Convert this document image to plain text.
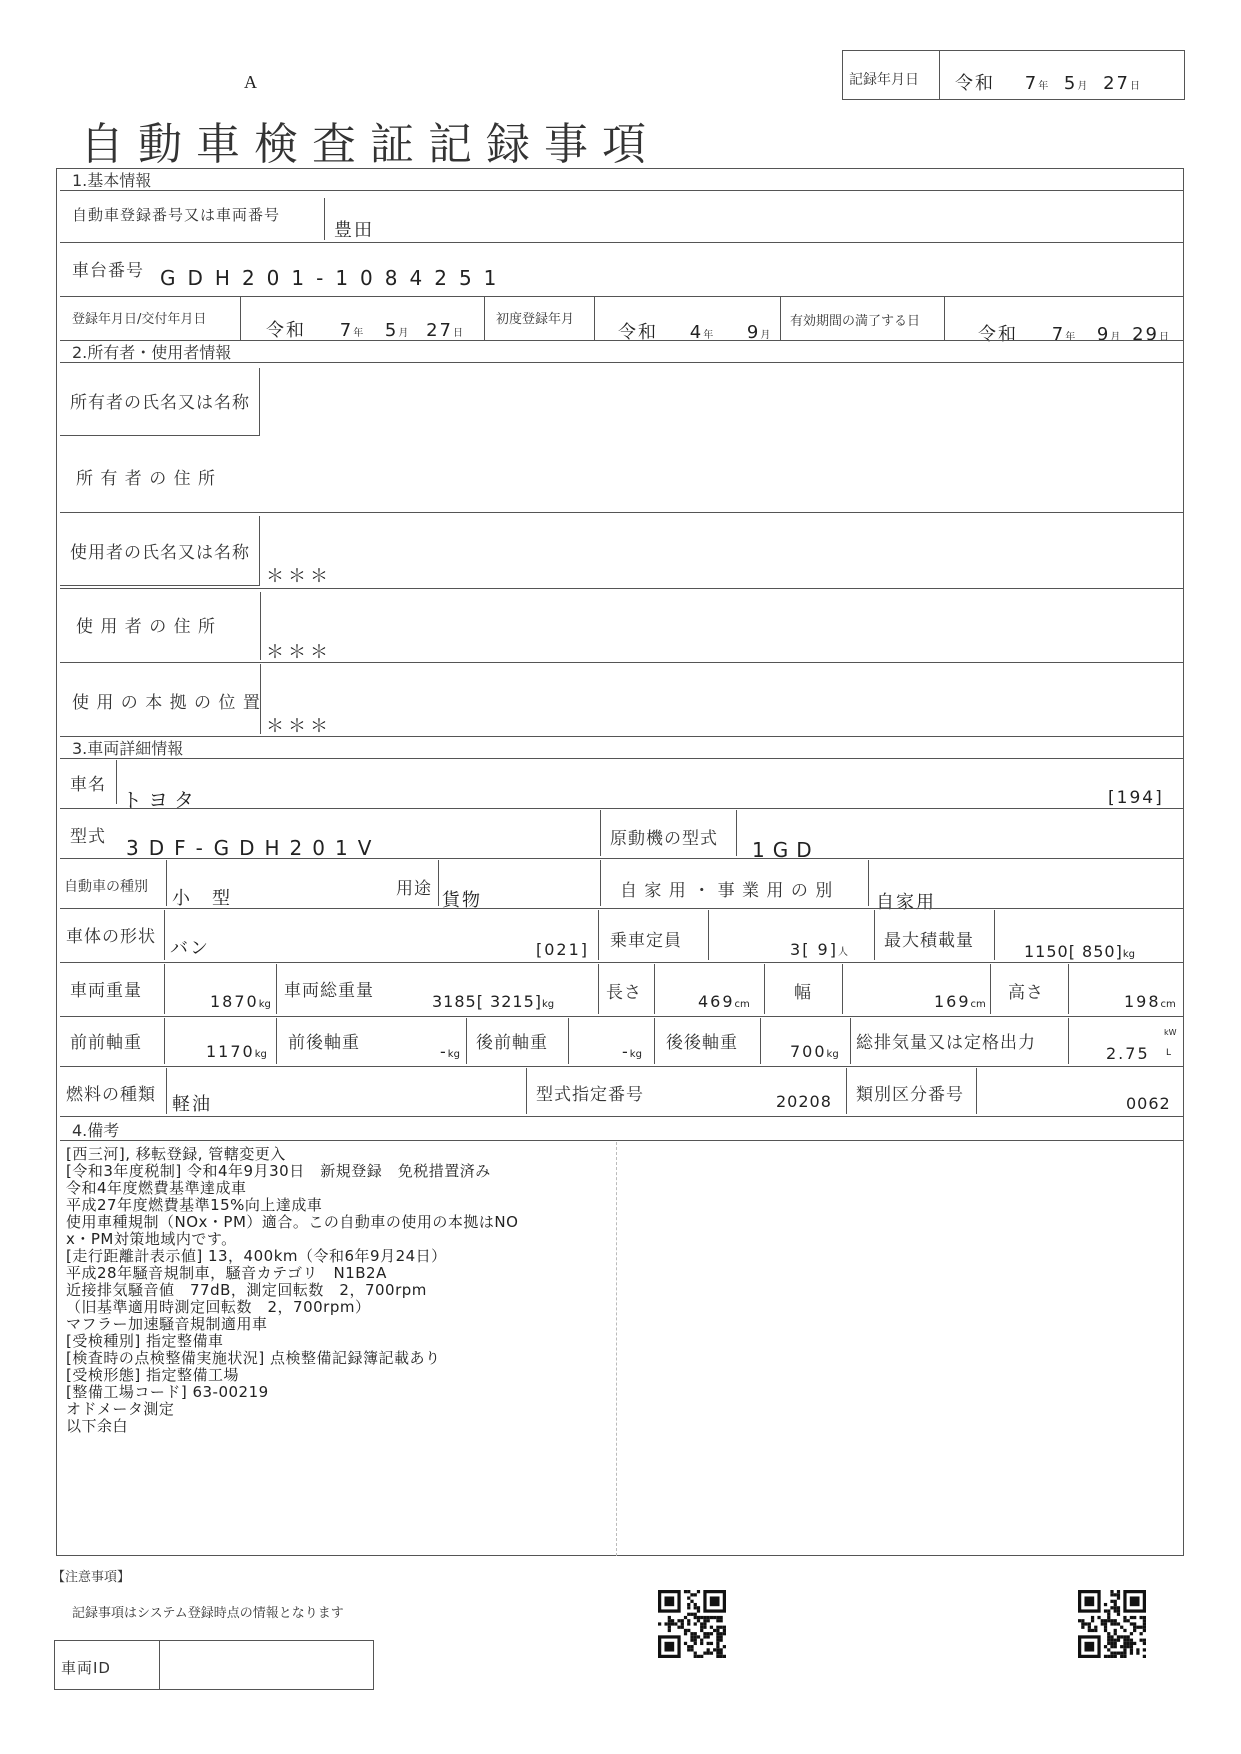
A
自動車検査証記録事項
記録年月日 令和 7年 5月 27日
1.基本情報
自動車登録番号又は車両番号
豊田
車台番号 GDH201-1084251
登録年月日/交付年月日
令和 7年 5月 27日
初度登録年月
令和 4年 9月
有効期間の満了する日
令和 7年 9月 29日
2.所有者・使用者情報
所有者の氏名又は名称
所 有 者 の 住 所
使用者の氏名又は名称
＊＊＊
使 用 者 の 住 所
＊＊＊
使 用 の 本 拠 の 位 置
＊＊＊
3.車両詳細情報
車名
トヨタ	[194]
型式 3DF-GDH201V	原動機の型式 1GD
自動車の種別
小　型	用途
貨物	自 家 用 ・ 事 業 用 の 別
自家用
車体の形状
バン	[021] 乗車定員	3[ 9]人
最大積載量
1150[ 850]kg
車両重量
1870kg
車両総重量
3185[ 3215]kg
長さ	469cm
幅	169cm
高さ	198cm
前前軸重	1170kg
前後軸重	-kg
後前軸重	-kg
後後軸重	700kg
総排気量又は定格出力
2.75
kW
L
燃料の種類 軽油	型式指定番号	20208 類別区分番号	0062
4.備考
[西三河], 移転登録, 管轄変更入
[令和3年度税制] 令和4年9月30日　新規登録　免税措置済み
令和4年度燃費基準達成車
平成27年度燃費基準15%向上達成車
使用車種規制（NOx・PM）適合。この自動車の使用の本拠はNO
x・PM対策地域内です。
[走行距離計表示値] 13，400km（令和6年9月24日）
平成28年騒音規制車，騒音カテゴリ　N1B2A
近接排気騒音値　77dB，測定回転数　2，700rpm
（旧基準適用時測定回転数　2，700rpm）
マフラー加速騒音規制適用車
[受検種別] 指定整備車
[検査時の点検整備実施状況] 点検整備記録簿記載あり
[受検形態] 指定整備工場
[整備工場コード] 63-00219
オドメータ測定
以下余白
【注意事項】
記録事項はシステム登録時点の情報となります
車両ID
